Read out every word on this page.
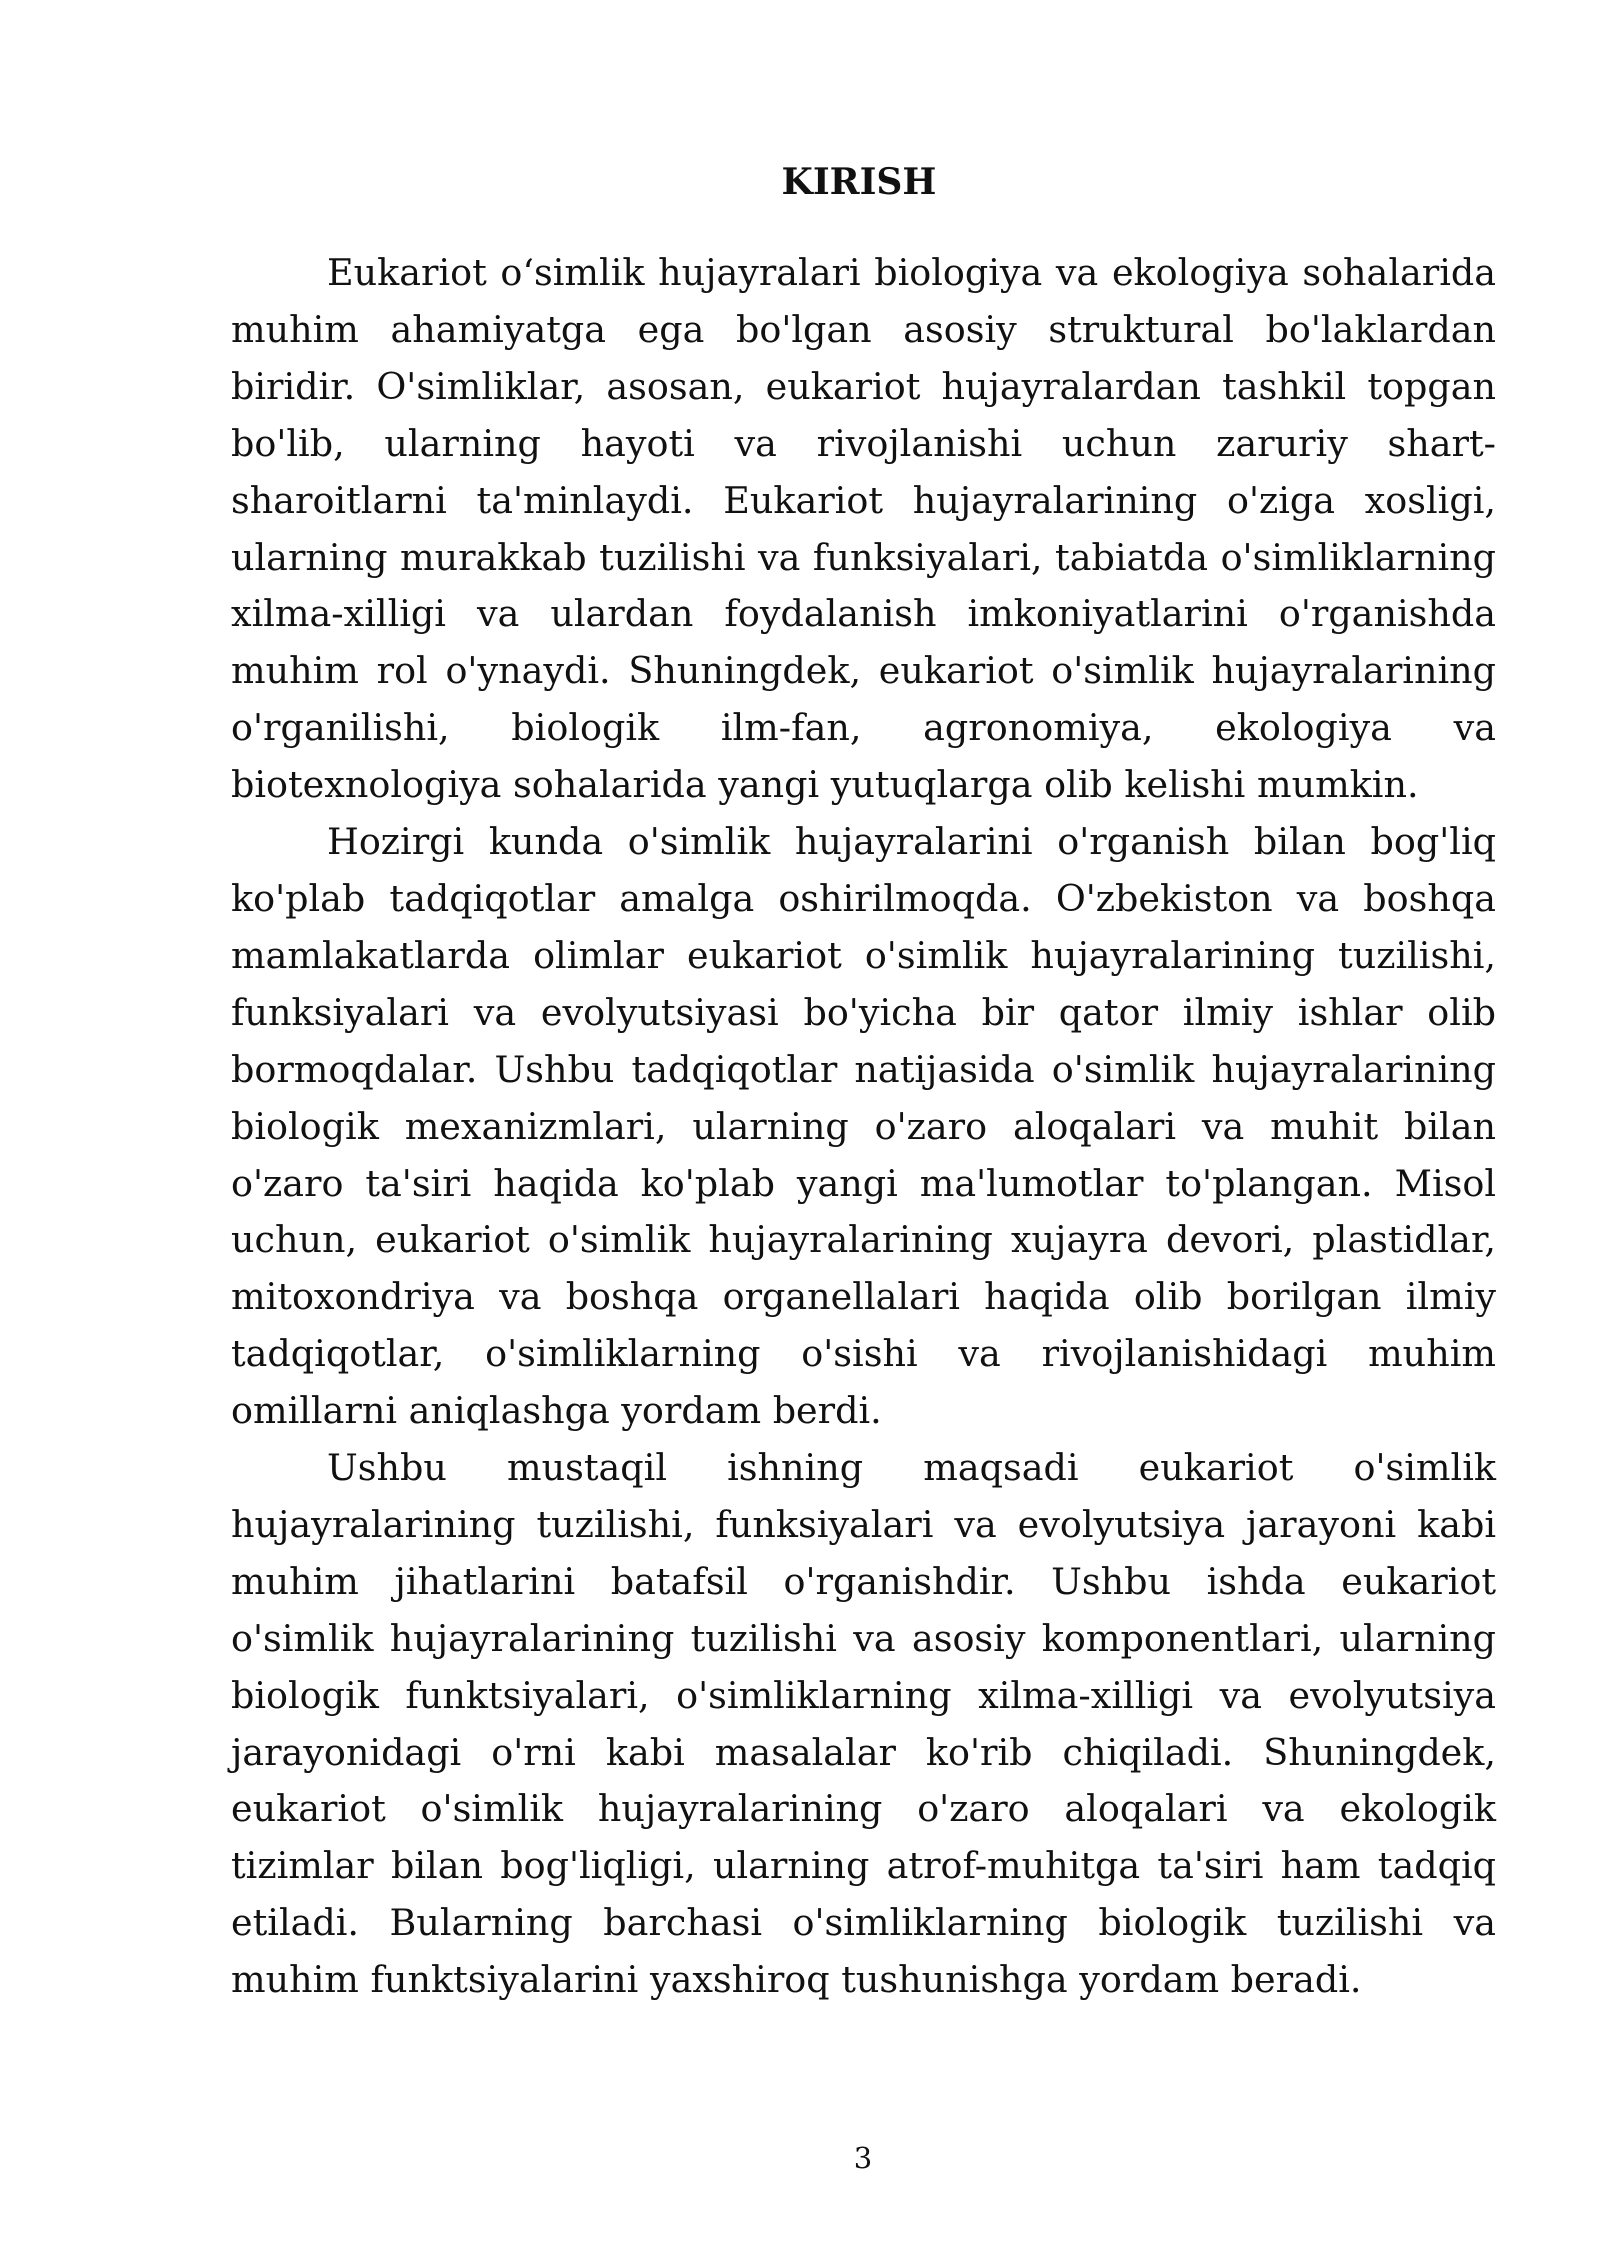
KIRISH

Eukariot o‘simlik hujayralari biologiya va ekologiya sohalarida muhim ahamiyatga ega bo'lgan asosiy struktural bo'laklardan biridir. O'simliklar, asosan, eukariot hujayralardan tashkil topgan bo'lib, ularning hayoti va rivojlanishi uchun zaruriy shart-sharoitlarni ta'minlaydi. Eukariot hujayralarining o'ziga xosligi, ularning murakkab tuzilishi va funksiyalari, tabiatda o'simliklarning xilma-xilligi va ulardan foydalanish imkoniyatlarini o'rganishda muhim rol o'ynaydi. Shuningdek, eukariot o'simlik hujayralarining o'rganilishi, biologik ilm-fan, agronomiya, ekologiya va biotexnologiya sohalarida yangi yutuqlarga olib kelishi mumkin.

Hozirgi kunda o'simlik hujayralarini o'rganish bilan bog'liq ko'plab tadqiqotlar amalga oshirilmoqda. O'zbekiston va boshqa mamlakatlarda olimlar eukariot o'simlik hujayralarining tuzilishi, funksiyalari va evolyutsiyasi bo'yicha bir qator ilmiy ishlar olib bormoqdalar. Ushbu tadqiqotlar natijasida o'simlik hujayralarining biologik mexanizmlari, ularning o'zaro aloqalari va muhit bilan o'zaro ta'siri haqida ko'plab yangi ma'lumotlar to'plangan. Misol uchun, eukariot o'simlik hujayralarining xujayra devori, plastidlar, mitoxondriya va boshqa organellalari haqida olib borilgan ilmiy tadqiqotlar, o'simliklarning o'sishi va rivojlanishidagi muhim omillarni aniqlashga yordam berdi.

Ushbu mustaqil ishning maqsadi eukariot o'simlik hujayralarining tuzilishi, funksiyalari va evolyutsiya jarayoni kabi muhim jihatlarini batafsil o'rganishdir. Ushbu ishda eukariot o'simlik hujayralarining tuzilishi va asosiy komponentlari, ularning biologik funktsiyalari, o'simliklarning xilma-xilligi va evolyutsiya jarayonidagi o'rni kabi masalalar ko'rib chiqiladi. Shuningdek, eukariot o'simlik hujayralarining o'zaro aloqalari va ekologik tizimlar bilan bog'liqligi, ularning atrof-muhitga ta'siri ham tadqiq etiladi. Bularning barchasi o'simliklarning biologik tuzilishi va muhim funktsiyalarini yaxshiroq tushunishga yordam beradi.

3
